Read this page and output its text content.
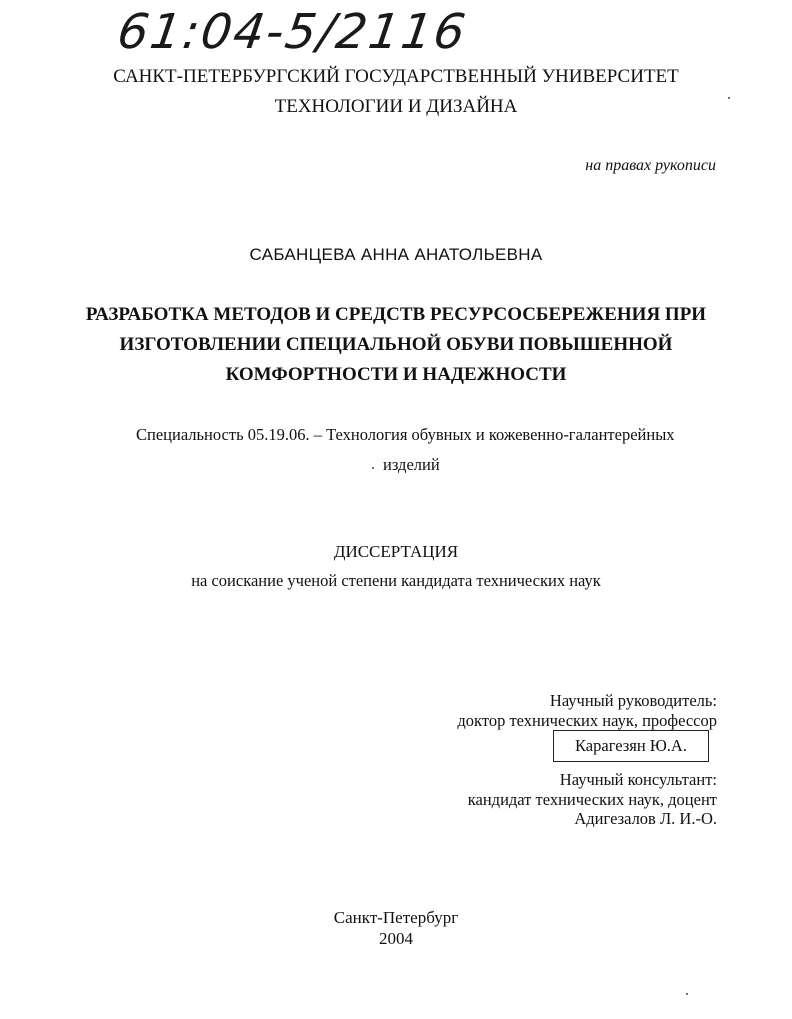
61:04-5/2116
САНКТ-ПЕТЕРБУРГСКИЙ ГОСУДАРСТВЕННЫЙ УНИВЕРСИТЕТ
ТЕХНОЛОГИИ И ДИЗАЙНА
на правах рукописи
САБАНЦЕВА АННА АНАТОЛЬЕВНА
РАЗРАБОТКА МЕТОДОВ И СРЕДСТВ РЕСУРСОСБЕРЕЖЕНИЯ ПРИ
ИЗГОТОВЛЕНИИ СПЕЦИАЛЬНОЙ ОБУВИ ПОВЫШЕННОЙ
КОМФОРТНОСТИ И НАДЕЖНОСТИ
Специальность 05.19.06. – Технология обувных и кожевенно-галантерейных
изделий
ДИССЕРТАЦИЯ
на соискание ученой степени кандидата технических наук
Научный руководитель:
доктор технических наук, профессор
Карагезян Ю.А.
Научный консультант:
кандидат технических наук, доцент
Адигезалов Л. И.-О.
Санкт-Петербург
2004
